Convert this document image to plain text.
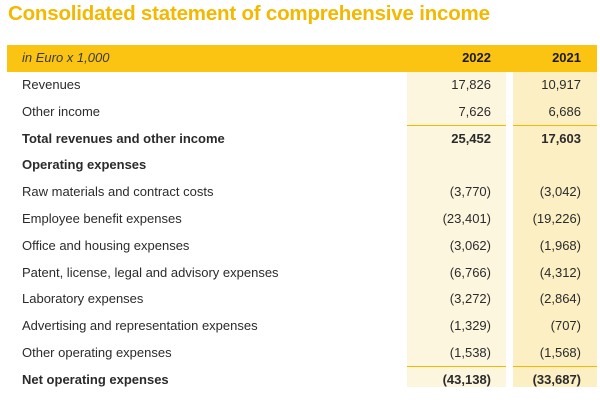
Consolidated statement of comprehensive income
in Euro x 1,000	2022	2021
Revenues	17,826	10,917
Other income	7,626	6,686
Total revenues and other income	25,452	17,603
Operating expenses
Raw materials and contract costs	(3,770)	(3,042)
Employee benefit expenses	(23,401)	(19,226)
Office and housing expenses	(3,062)	(1,968)
Patent, license, legal and advisory expenses	(6,766)	(4,312)
Laboratory expenses	(3,272)	(2,864)
Advertising and representation expenses	(1,329)	(707)
Other operating expenses	(1,538)	(1,568)
Net operating expenses	(43,138)	(33,687)
